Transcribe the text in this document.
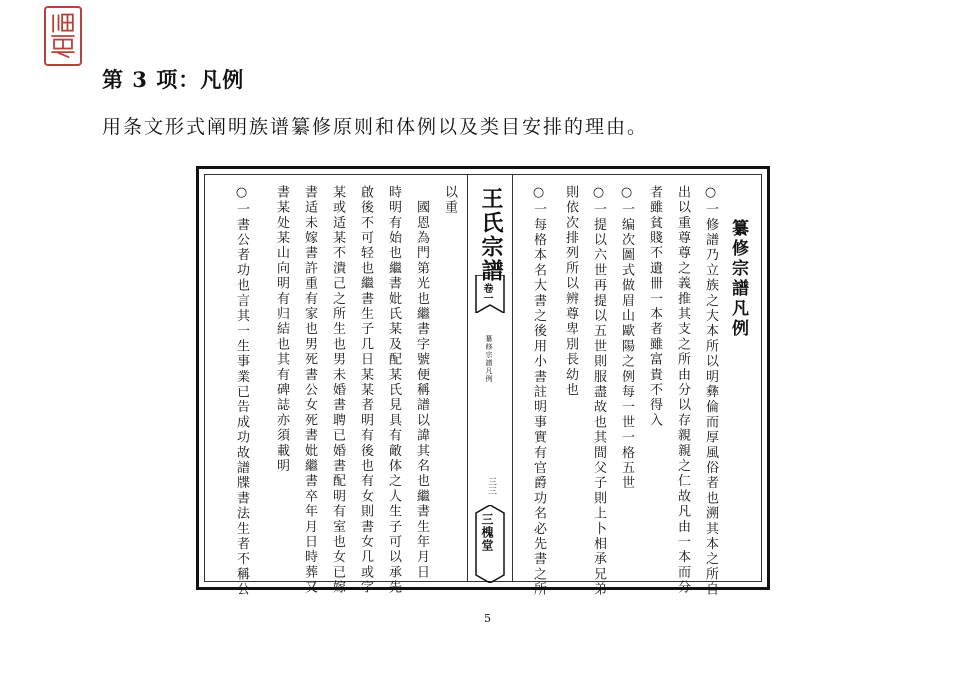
第 3 项：凡例
用条文形式阐明族谱纂修原则和体例以及类目安排的理由。
纂修宗譜凡例
○一修譜乃立族之大本所以明彝倫而厚風俗者也溯其本之所自
出以重尊尊之義推其支之所由分以存親親之仁故凡由一本而分
者雖貧賤不遺卌一本者雖富貴不得入
○一编次圖式做眉山歐陽之例每一世一格五世
○一提以六世再提以五世則服盡故也其間父子則上卜相承兄弟
則依次排列所以辨尊卑別長幼也
○一每格本名大書之後用小書註明事實有官爵功名必先書之所
王氏宗譜
卷一
纂修宗譜凡例
三三
三槐堂
以重
　國恩為門第光也繼書字號便稱譜以諱其名也繼書生年月日
時明有始也繼書妣氏某及配某氏見具有敵体之人生子可以承先
啟後不可轻也繼書生子几日某某者明有後也有女則書女几或字
某或适某不潰己之所生也男未婚書聘已婚書配明有室也女已嫁
書适未嫁書許重有家也男死書公女死書妣繼書卒年月日時葬又
書某处某山向明有归結也其有碑誌亦須載明
○一書公者功也言其一生事業已告成功故譜牒書法生者不稱公
5
